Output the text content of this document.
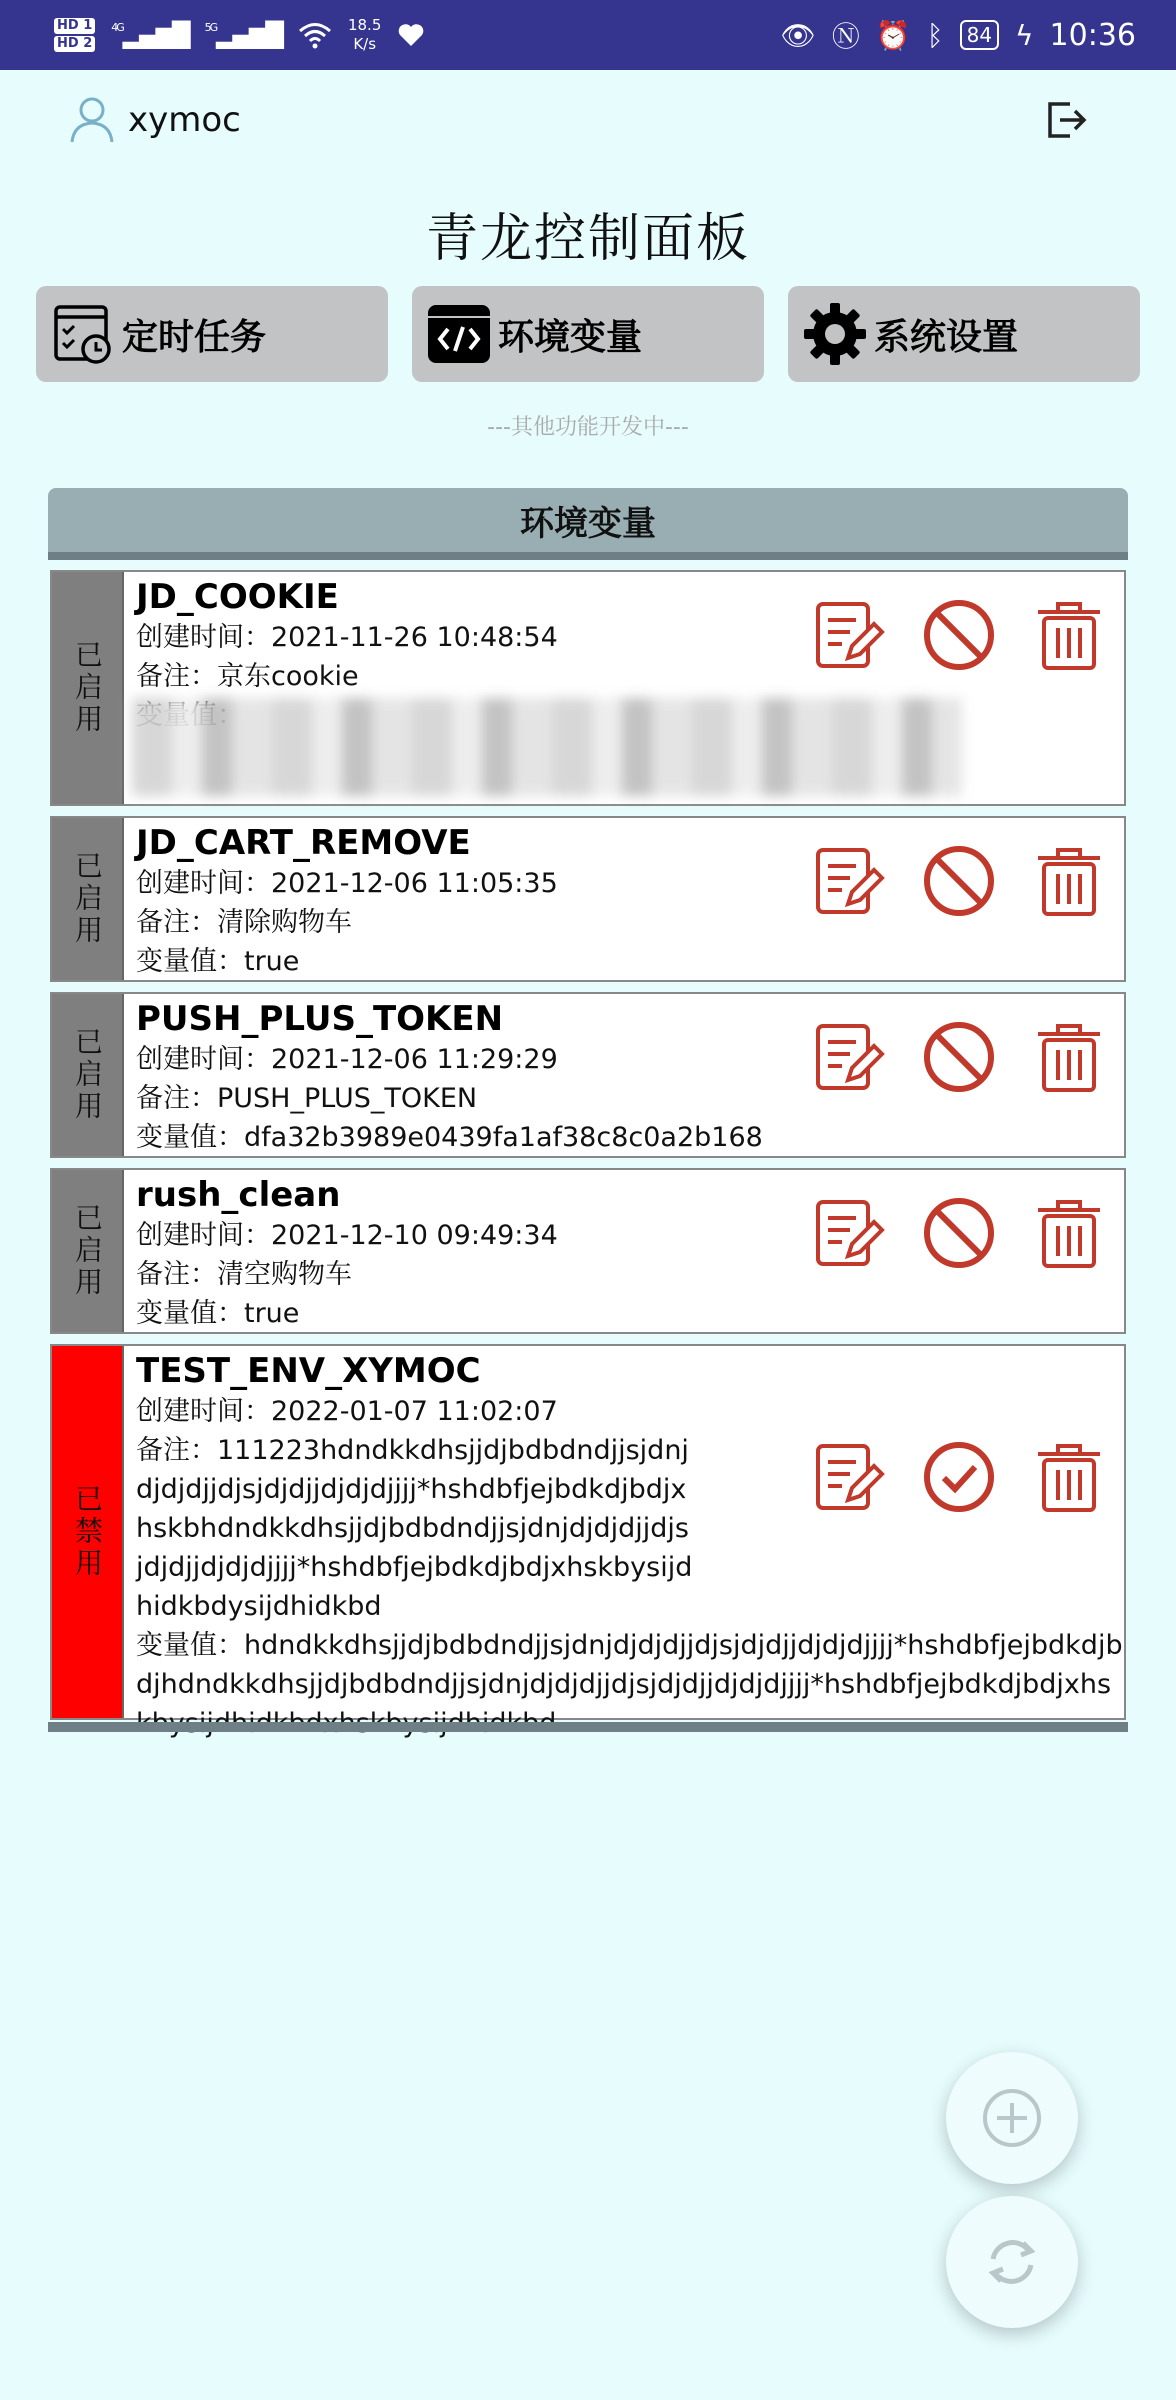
HD 1
HD 2
$^{4G}$▂▄▆█ $^{5G}$▂▄▆█	18.5
K/s	👁 Ⓝ ⏰ ᛒ	84 ϟ 10:36
xymoc
青龙控制面板
定时任务	环境变量	系统设置
---其他功能开发中---
环境变量
已启用
JD_COOKIE
创建时间：2021-11-26 10:48:54
备注：京东cookie
已启用
JD_CART_REMOVE
创建时间：2021-12-06 11:05:35
备注：清除购物车
变量值：true
已启用
PUSH_PLUS_TOKEN
创建时间：2021-12-06 11:29:29
备注：PUSH_PLUS_TOKEN
变量值：dfa32b3989e0439fa1af38c8c0a2b168
已启用
rush_clean
创建时间：2021-12-10 09:49:34
备注：清空购物车
变量值：true
已禁用
TEST_ENV_XYMOC
创建时间：2022-01-07 11:02:07
备注：111223hdndkkdhsjjdjbdbdndjjsjdnjdjdjdjjdjsjdjdjjdjdjdjjjj*hshdbfjejbdkdjbdjxhskbhdndkkdhsjjdjbdbdndjjsjdnjdjdjdjjdjsjdjdjjdjdjdjjjj*hshdbfjejbdkdjbdjxhskbysijdhidkbdysijdhidkbd
变量值：hdndkkdhsjjdjbdbdndjjsjdnjdjdjdjjdjsjdjdjjdjdjdjjjj*hshdbfjejbdkdjbdjhdndkkdhsjjdjbdbdndjjsjdnjdjdjdjjdjsjdjdjjdjdjdjjjj*hshdbfjejbdkdjbdjxhs
